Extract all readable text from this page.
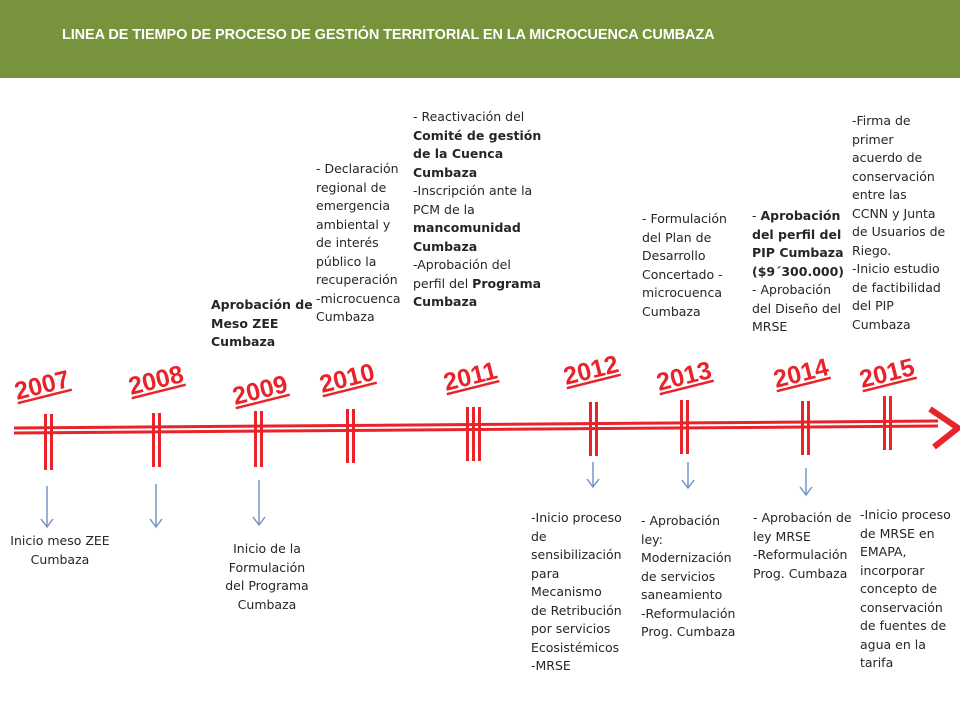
LINEA DE TIEMPO DE PROCESO DE GESTIÓN TERRITORIAL EN LA MICROCUENCA CUMBAZA
2007 2008 2009 2010	2011 2012 2013 2014 2015
Aprobación de
Meso ZEE
Cumbaza
- Declaración
regional de
emergencia
ambiental y
de interés
público la
recuperación
-microcuenca
Cumbaza
- Reactivación del
Comité de gestión
de la Cuenca
Cumbaza
-Inscripción ante la
PCM de la
mancomunidad
Cumbaza
-Aprobación del
perfil del Programa
Cumbaza
- Formulación
del Plan de
Desarrollo
Concertado -
microcuenca
Cumbaza
- Aprobación
del perfil del
PIP Cumbaza
($9´300.000)
- Aprobación
del Diseño del
MRSE
-Firma de
primer
acuerdo de
conservación
entre las
CCNN y Junta
de Usuarios de
Riego.
-Inicio estudio
de factibilidad
del PIP
Cumbaza
Inicio meso ZEE
Cumbaza
Inicio de la
Formulación
del Programa
Cumbaza
-Inicio proceso
de
sensibilización
para
Mecanismo
de Retribución
por servicios
Ecosistémicos
-MRSE
- Aprobación
ley:
Modernización
de servicios
saneamiento
-Reformulación
Prog. Cumbaza
- Aprobación de
ley MRSE
-Reformulación
Prog. Cumbaza
-Inicio proceso
de MRSE en
EMAPA,
incorporar
concepto de
conservación
de fuentes de
agua en la
tarifa
